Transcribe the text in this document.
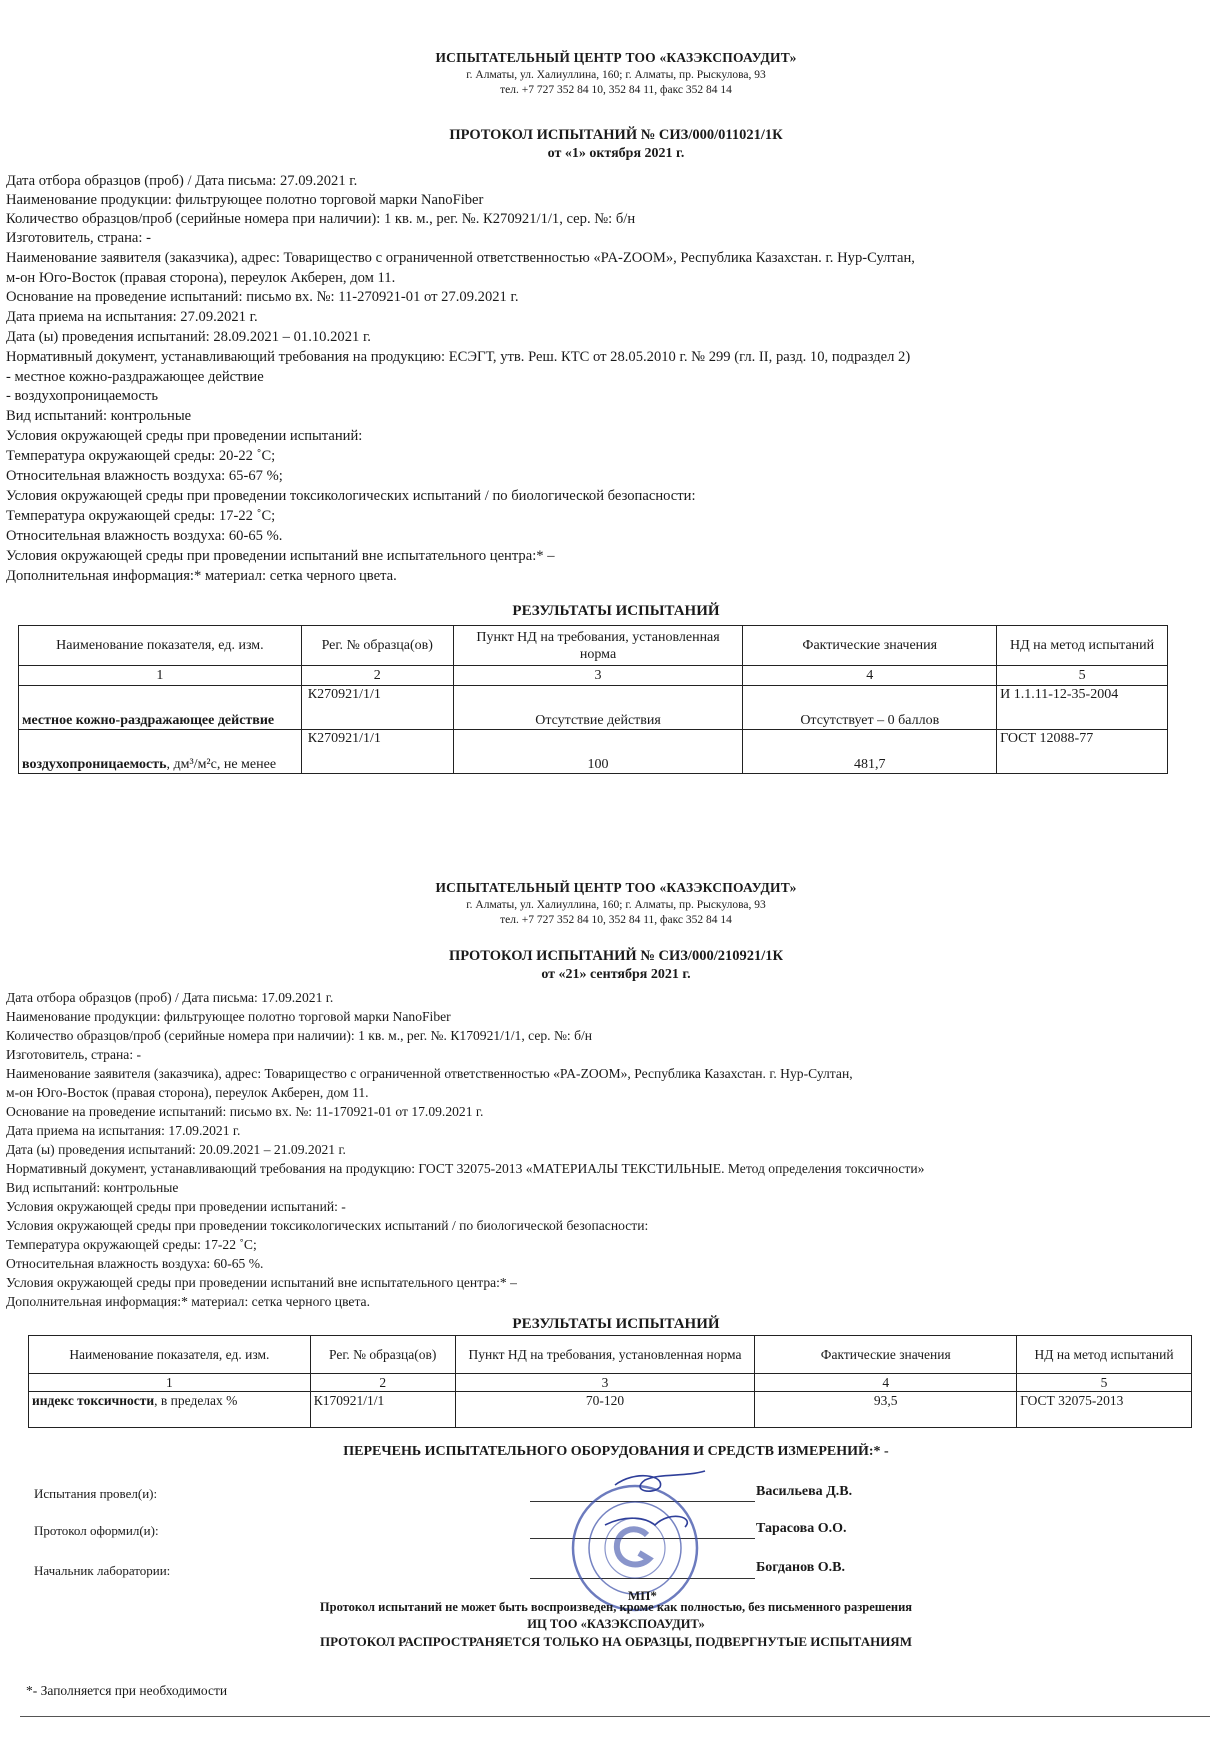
ИСПЫТАТЕЛЬНЫЙ ЦЕНТР ТОО «КАЗЭКСПОАУДИТ»
г. Алматы, ул. Халиуллина, 160; г. Алматы, пр. Рыскулова, 93
тел. +7 727 352 84 10, 352 84 11, факс 352 84 14
ПРОТОКОЛ ИСПЫТАНИЙ № СИЗ/000/011021/1К
от «1» октября 2021 г.
Дата отбора образцов (проб) / Дата письма: 27.09.2021 г.
Наименование продукции: фильтрующее полотно торговой марки NanoFiber
Количество образцов/проб (серийные номера при наличии): 1 кв. м., рег. №. К270921/1/1, сер. №: б/н
Изготовитель, страна: -
Наименование заявителя (заказчика), адрес: Товарищество с ограниченной ответственностью «PA-ZOOM», Республика Казахстан. г. Нур-Султан,
м-он Юго-Восток (правая сторона), переулок Акберен, дом 11.
Основание на проведение испытаний: письмо вх. №: 11-270921-01 от 27.09.2021 г.
Дата приема на испытания: 27.09.2021 г.
Дата (ы) проведения испытаний: 28.09.2021 – 01.10.2021 г.
Нормативный документ, устанавливающий требования на продукцию: ЕСЭГТ, утв. Реш. КТС от 28.05.2010 г. № 299 (гл. II, разд. 10, подраздел 2)
- местное кожно-раздражающее действие
- воздухопроницаемость
Вид испытаний: контрольные
Условия окружающей среды при проведении испытаний:
Температура окружающей среды: 20-22 ˚С;
Относительная влажность воздуха: 65-67 %;
Условия окружающей среды при проведении токсикологических испытаний / по биологической безопасности:
Температура окружающей среды: 17-22 ˚С;
Относительная влажность воздуха: 60-65 %.
Условия окружающей среды при проведении испытаний вне испытательного центра:* –
Дополнительная информация:* материал: сетка черного цвета.
РЕЗУЛЬТАТЫ ИСПЫТАНИЙ
Наименование показателя, ед. изм.	Рег. № образца(ов)	Пункт НД на требования, установленная норма	Фактические значения	НД на метод испытаний
1	2	3	4	5
местное кожно-раздражающее действие	К270921/1/1	Отсутствие действия	Отсутствует – 0 баллов	И 1.1.11-12-35-2004
воздухопроницаемость, дм³/м²с, не менее	К270921/1/1	100	481,7	ГОСТ 12088-77
ИСПЫТАТЕЛЬНЫЙ ЦЕНТР ТОО «КАЗЭКСПОАУДИТ»
г. Алматы, ул. Халиуллина, 160; г. Алматы, пр. Рыскулова, 93
тел. +7 727 352 84 10, 352 84 11, факс 352 84 14
ПРОТОКОЛ ИСПЫТАНИЙ № СИЗ/000/210921/1К
от «21» сентября 2021 г.
Дата отбора образцов (проб) / Дата письма: 17.09.2021 г.
Наименование продукции: фильтрующее полотно торговой марки NanoFiber
Количество образцов/проб (серийные номера при наличии): 1 кв. м., рег. №. К170921/1/1, сер. №: б/н
Изготовитель, страна: -
Наименование заявителя (заказчика), адрес: Товарищество с ограниченной ответственностью «PA-ZOOM», Республика Казахстан. г. Нур-Султан,
м-он Юго-Восток (правая сторона), переулок Акберен, дом 11.
Основание на проведение испытаний: письмо вх. №: 11-170921-01 от 17.09.2021 г.
Дата приема на испытания: 17.09.2021 г.
Дата (ы) проведения испытаний: 20.09.2021 – 21.09.2021 г.
Нормативный документ, устанавливающий требования на продукцию: ГОСТ 32075-2013 «МАТЕРИАЛЫ ТЕКСТИЛЬНЫЕ. Метод определения токсичности»
Вид испытаний: контрольные
Условия окружающей среды при проведении испытаний: -
Условия окружающей среды при проведении токсикологических испытаний / по биологической безопасности:
Температура окружающей среды: 17-22 ˚С;
Относительная влажность воздуха: 60-65 %.
Условия окружающей среды при проведении испытаний вне испытательного центра:* –
Дополнительная информация:* материал: сетка черного цвета.
РЕЗУЛЬТАТЫ ИСПЫТАНИЙ
Наименование показателя, ед. изм.	Рег. № образца(ов)	Пункт НД на требования, установленная норма	Фактические значения	НД на метод испытаний
1	2	3	4	5
индекс токсичности, в пределах %	К170921/1/1	70-120	93,5	ГОСТ 32075-2013
ПЕРЕЧЕНЬ ИСПЫТАТЕЛЬНОГО ОБОРУДОВАНИЯ И СРЕДСТВ ИЗМЕРЕНИЙ:* -
Испытания провел(и):	Васильева Д.В.
Протокол оформил(и):	Тарасова О.О.
Начальник лаборатории:	Богданов О.В.
МП*
Протокол испытаний не может быть воспроизведен, кроме как полностью, без письменного разрешения
ИЦ ТОО «КАЗЭКСПОАУДИТ»
ПРОТОКОЛ РАСПРОСТРАНЯЕТСЯ ТОЛЬКО НА ОБРАЗЦЫ, ПОДВЕРГНУТЫЕ ИСПЫТАНИЯМ
*- Заполняется при необходимости
